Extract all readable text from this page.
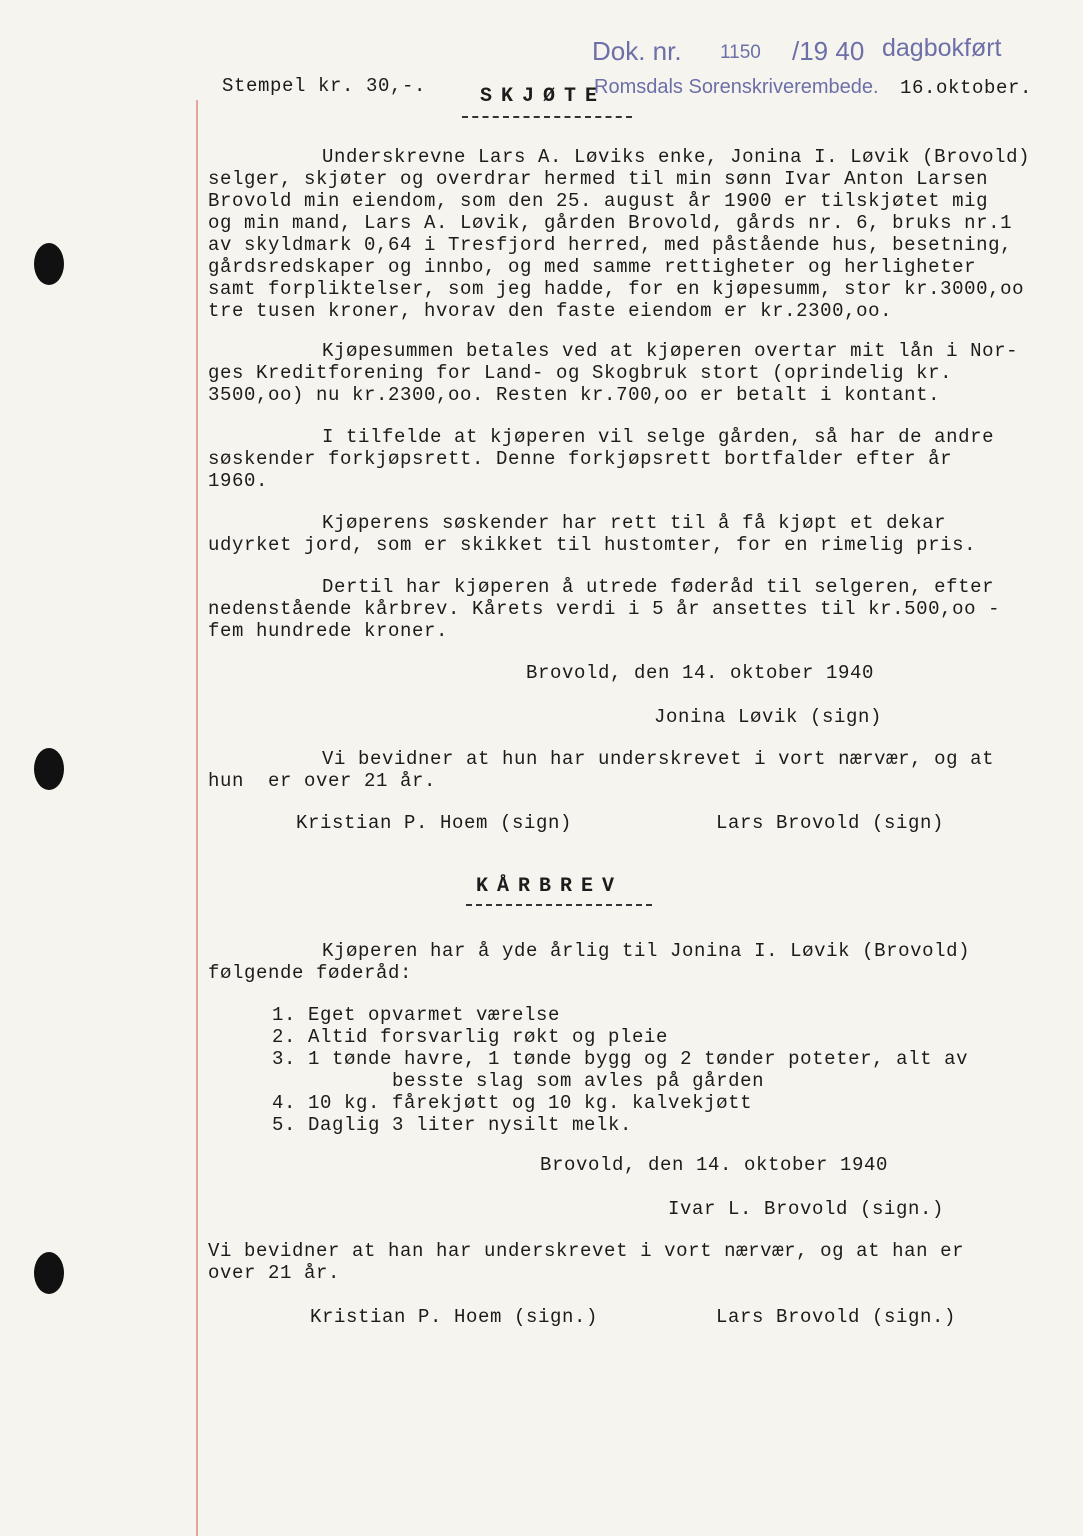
Stempel kr. 30,-.
Dok. nr. 1150 /19 40 dagbokført
Romsdals Sorenskriverembede. 16.oktober.
SKJØTE
Underskrevne Lars A. Løviks enke, Jonina I. Løvik (Brovold)
selger, skjøter og overdrar hermed til min sønn Ivar Anton Larsen
Brovold min eiendom, som den 25. august år 1900 er tilskjøtet mig
og min mand, Lars A. Løvik, gården Brovold, gårds nr. 6, bruks nr.1
av skyldmark 0,64 i Tresfjord herred, med påstående hus, besetning,
gårdsredskaper og innbo, og med samme rettigheter og herligheter
samt forpliktelser, som jeg hadde, for en kjøpesumm, stor kr.3000,oo
tre tusen kroner, hvorav den faste eiendom er kr.2300,oo.
Kjøpesummen betales ved at kjøperen overtar mit lån i Nor-
ges Kreditforening for Land- og Skogbruk stort (oprindelig kr.
3500,oo) nu kr.2300,oo. Resten kr.700,oo er betalt i kontant.
I tilfelde at kjøperen vil selge gården, så har de andre
søskender forkjøpsrett. Denne forkjøpsrett bortfalder efter år
1960.
Kjøperens søskender har rett til å få kjøpt et dekar
udyrket jord, som er skikket til hustomter, for en rimelig pris.
Dertil har kjøperen å utrede føderåd til selgeren, efter
nedenstående kårbrev. Kårets verdi i 5 år ansettes til kr.500,oo -
fem hundrede kroner.
Brovold, den 14. oktober 1940
Jonina Løvik (sign)
Vi bevidner at hun har underskrevet i vort nærvær, og at
hun  er over 21 år.
Kristian P. Hoem (sign)	Lars Brovold (sign)
KÅRBREV
Kjøperen har å yde årlig til Jonina I. Løvik (Brovold)
følgende føderåd:
1. Eget opvarmet værelse
2. Altid forsvarlig røkt og pleie
3. 1 tønde havre, 1 tønde bygg og 2 tønder poteter, alt av
besste slag som avles på gården
4. 10 kg. fårekjøtt og 10 kg. kalvekjøtt
5. Daglig 3 liter nysilt melk.
Brovold, den 14. oktober 1940
Ivar L. Brovold (sign.)
Vi bevidner at han har underskrevet i vort nærvær, og at han er
over 21 år.
Kristian P. Hoem (sign.)	Lars Brovold (sign.)
